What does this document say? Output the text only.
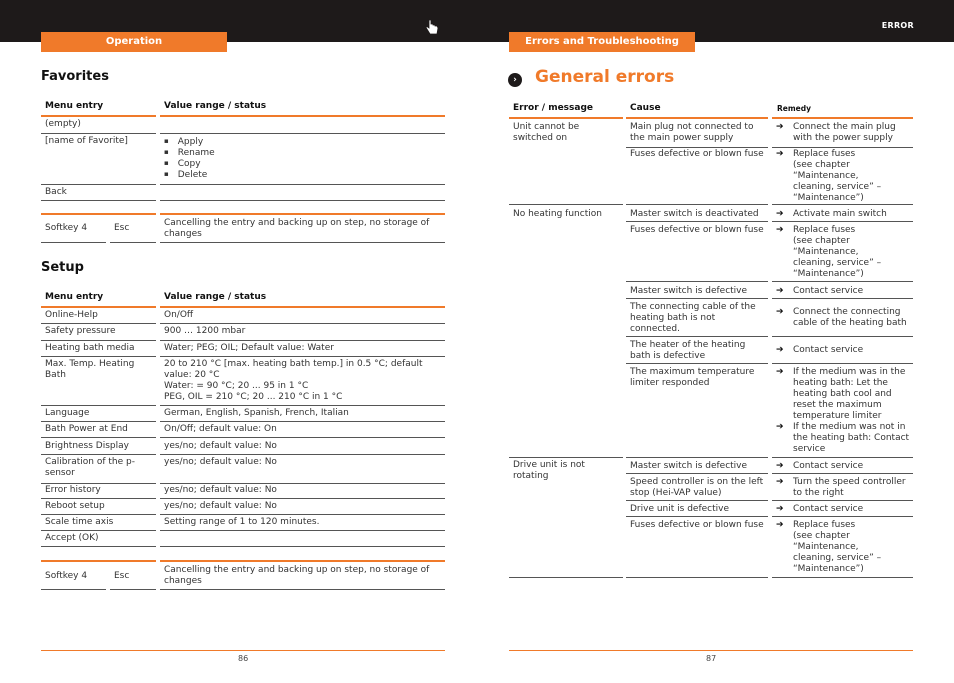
ERROR
Operation	Errors and Troubleshooting
Favorites
Menu entry	Value range / status
(empty)
[name of Favorite]
▪	Apply
▪ Rename
▪ Copy
▪ Delete
Back
Softkey 4	Esc	Cancelling the entry and backing up on step, no storage of changes
Setup
Menu entry	Value range / status
Online-Help	On/Off
Safety pressure	900 … 1200 mbar
Heating bath media	Water; PEG; OIL; Default value: Water
Max. Temp. Heating Bath
20 to 210 °C [max. heating bath temp.] in 0.5 °C; default value: 20 °C
Water: = 90 °C; 20 ... 95 in 1 °C
PEG, OIL = 210 °C; 20 ... 210 °C in 1 °C
Language	German, English, Spanish, French, Italian
Bath Power at End	On/Off; default value: On
Brightness Display	yes/no; default value: No
Calibration of the p-sensor
yes/no; default value: No
Error history	yes/no; default value: No
Reboot setup	yes/no; default value: No
Scale time axis	Setting range of 1 to 120 minutes.
Accept (OK)
Softkey 4	Esc
Cancelling the entry and backing up on step, no storage of changes
›	General errors
Error / message	Cause	Remedy
Unit cannot be switched on
Main plug not connected to the main power supply
➔ Connect the main plug with the power supply
Fuses defective or blown fuse ➔ Replace fuses
(see chapter
“Maintenance,
cleaning, service” –
“Maintenance”)
No heating function	Master switch is deactivated	➔ Activate main switch
Fuses defective or blown fuse ➔ Replace fuses
(see chapter
“Maintenance,
cleaning, service” –
“Maintenance”)
Master switch is defective	➔ Contact service
The connecting cable of the heating bath is not connected.
➔ Connect the connecting cable of the heating bath
The heater of the heating bath is defective
➔ Contact service
The maximum temperature limiter responded
➔ If the medium was in the heating bath: Let the heating bath cool and reset the maximum temperature limiter
➔ If the medium was not in the heating bath: Contact service
Drive unit is not rotating
Master switch is defective	➔ Contact service
Speed controller is on the left stop (Hei-VAP value)
➔ Turn the speed controller to the right
Drive unit is defective	➔ Contact service
Fuses defective or blown fuse ➔ Replace fuses
(see chapter
“Maintenance,
cleaning, service” –
“Maintenance”)
86	87
